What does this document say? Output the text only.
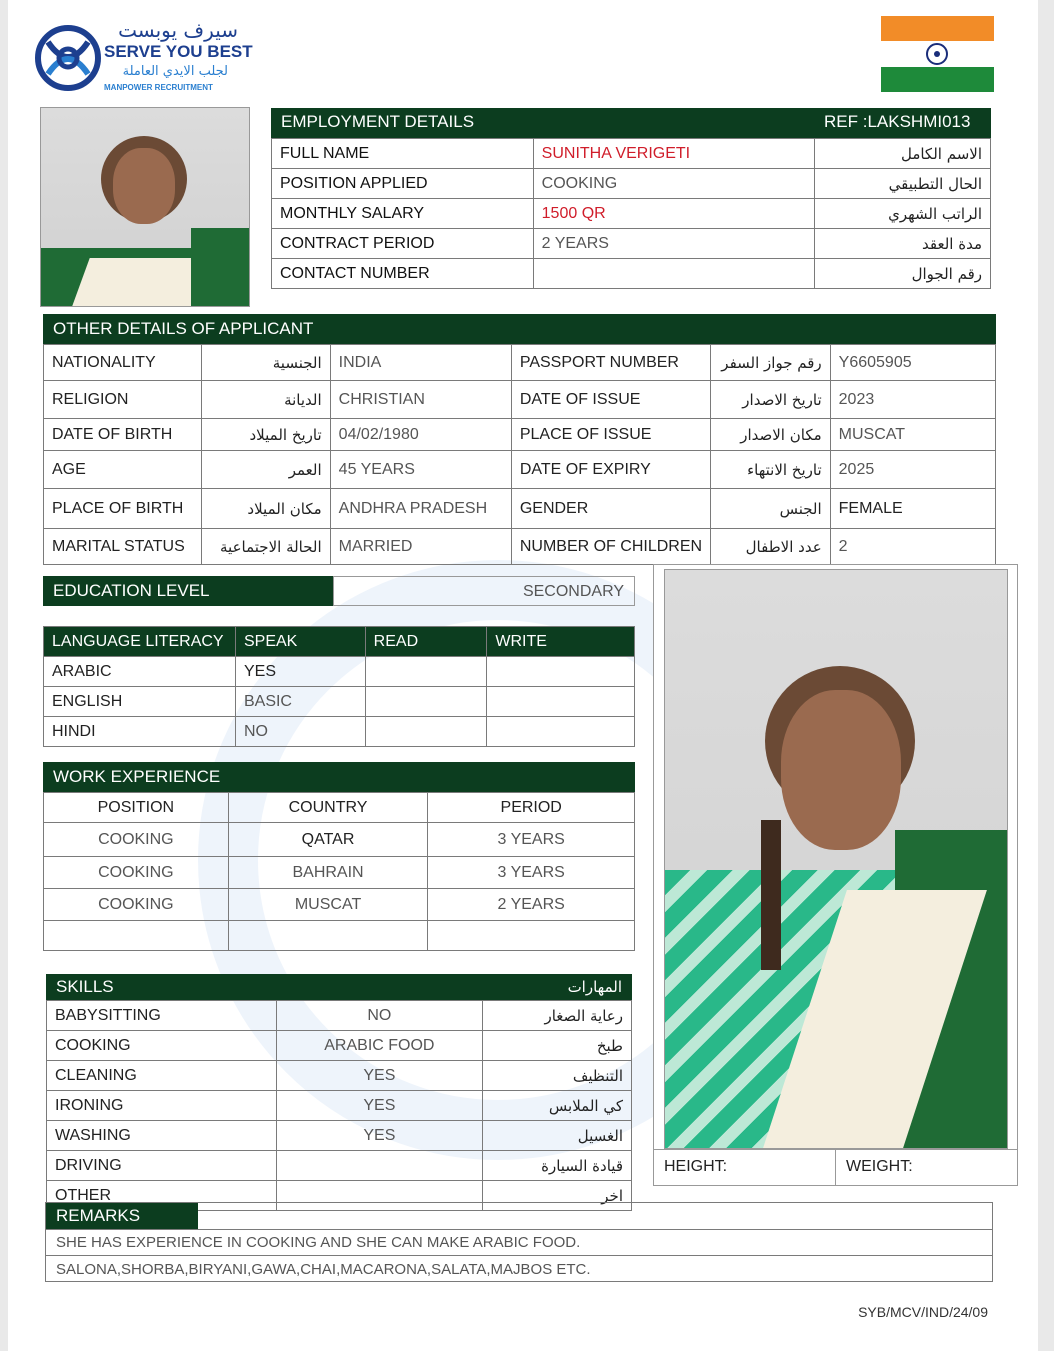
سيرف يوبست
SERVE YOU BEST
لجلب الايدي العاملة
MANPOWER RECRUITMENT
EMPLOYMENT DETAILS	REF :LAKSHMI013
FULL NAME	SUNITHA VERIGETI	الاسم الكامل
POSITION APPLIED	COOKING	الحال التطبيقي
MONTHLY SALARY	1500 QR	الراتب الشهري
CONTRACT PERIOD	2 YEARS	مدة العقد
CONTACT NUMBER		رقم الجوال
OTHER DETAILS OF APPLICANT
NATIONALITY	الجنسية	INDIA	PASSPORT NUMBER	رقم جواز السفر	Y6605905
RELIGION	الديانة	CHRISTIAN	DATE OF ISSUE	تاريخ الاصدار	2023
DATE OF BIRTH	تاريخ الميلاد	04/02/1980	PLACE OF ISSUE	مكان الاصدار	MUSCAT
AGE	العمر	45 YEARS	DATE OF EXPIRY	تاريخ الانتهاء	2025
PLACE OF BIRTH	مكان الميلاد	ANDHRA PRADESH	GENDER	الجنس	FEMALE
MARITAL STATUS	الحالة الاجتماعية	MARRIED	NUMBER OF CHILDREN	عدد الاطفال	2
EDUCATION LEVEL	SECONDARY
LANGUAGE LITERACY	SPEAK	READ	WRITE
ARABIC	YES		
ENGLISH	BASIC		
HINDI	NO		
WORK EXPERIENCE
POSITION	COUNTRY	PERIOD
COOKING	QATAR	3 YEARS
COOKING	BAHRAIN	3 YEARS
COOKING	MUSCAT	2 YEARS

SKILLS	المهارات
BABYSITTING	NO	رعاية الصغار
COOKING	ARABIC FOOD	طبخ
CLEANING	YES	التنظيف
IRONING	YES	كي الملابس
WASHING	YES	الغسيل
DRIVING		قيادة السيارة
OTHER		اخر
HEIGHT:	WEIGHT:
REMARKS
SHE HAS EXPERIENCE IN COOKING AND SHE CAN MAKE ARABIC FOOD.
SALONA,SHORBA,BIRYANI,GAWA,CHAI,MACARONA,SALATA,MAJBOS ETC.
SYB/MCV/IND/24/09
